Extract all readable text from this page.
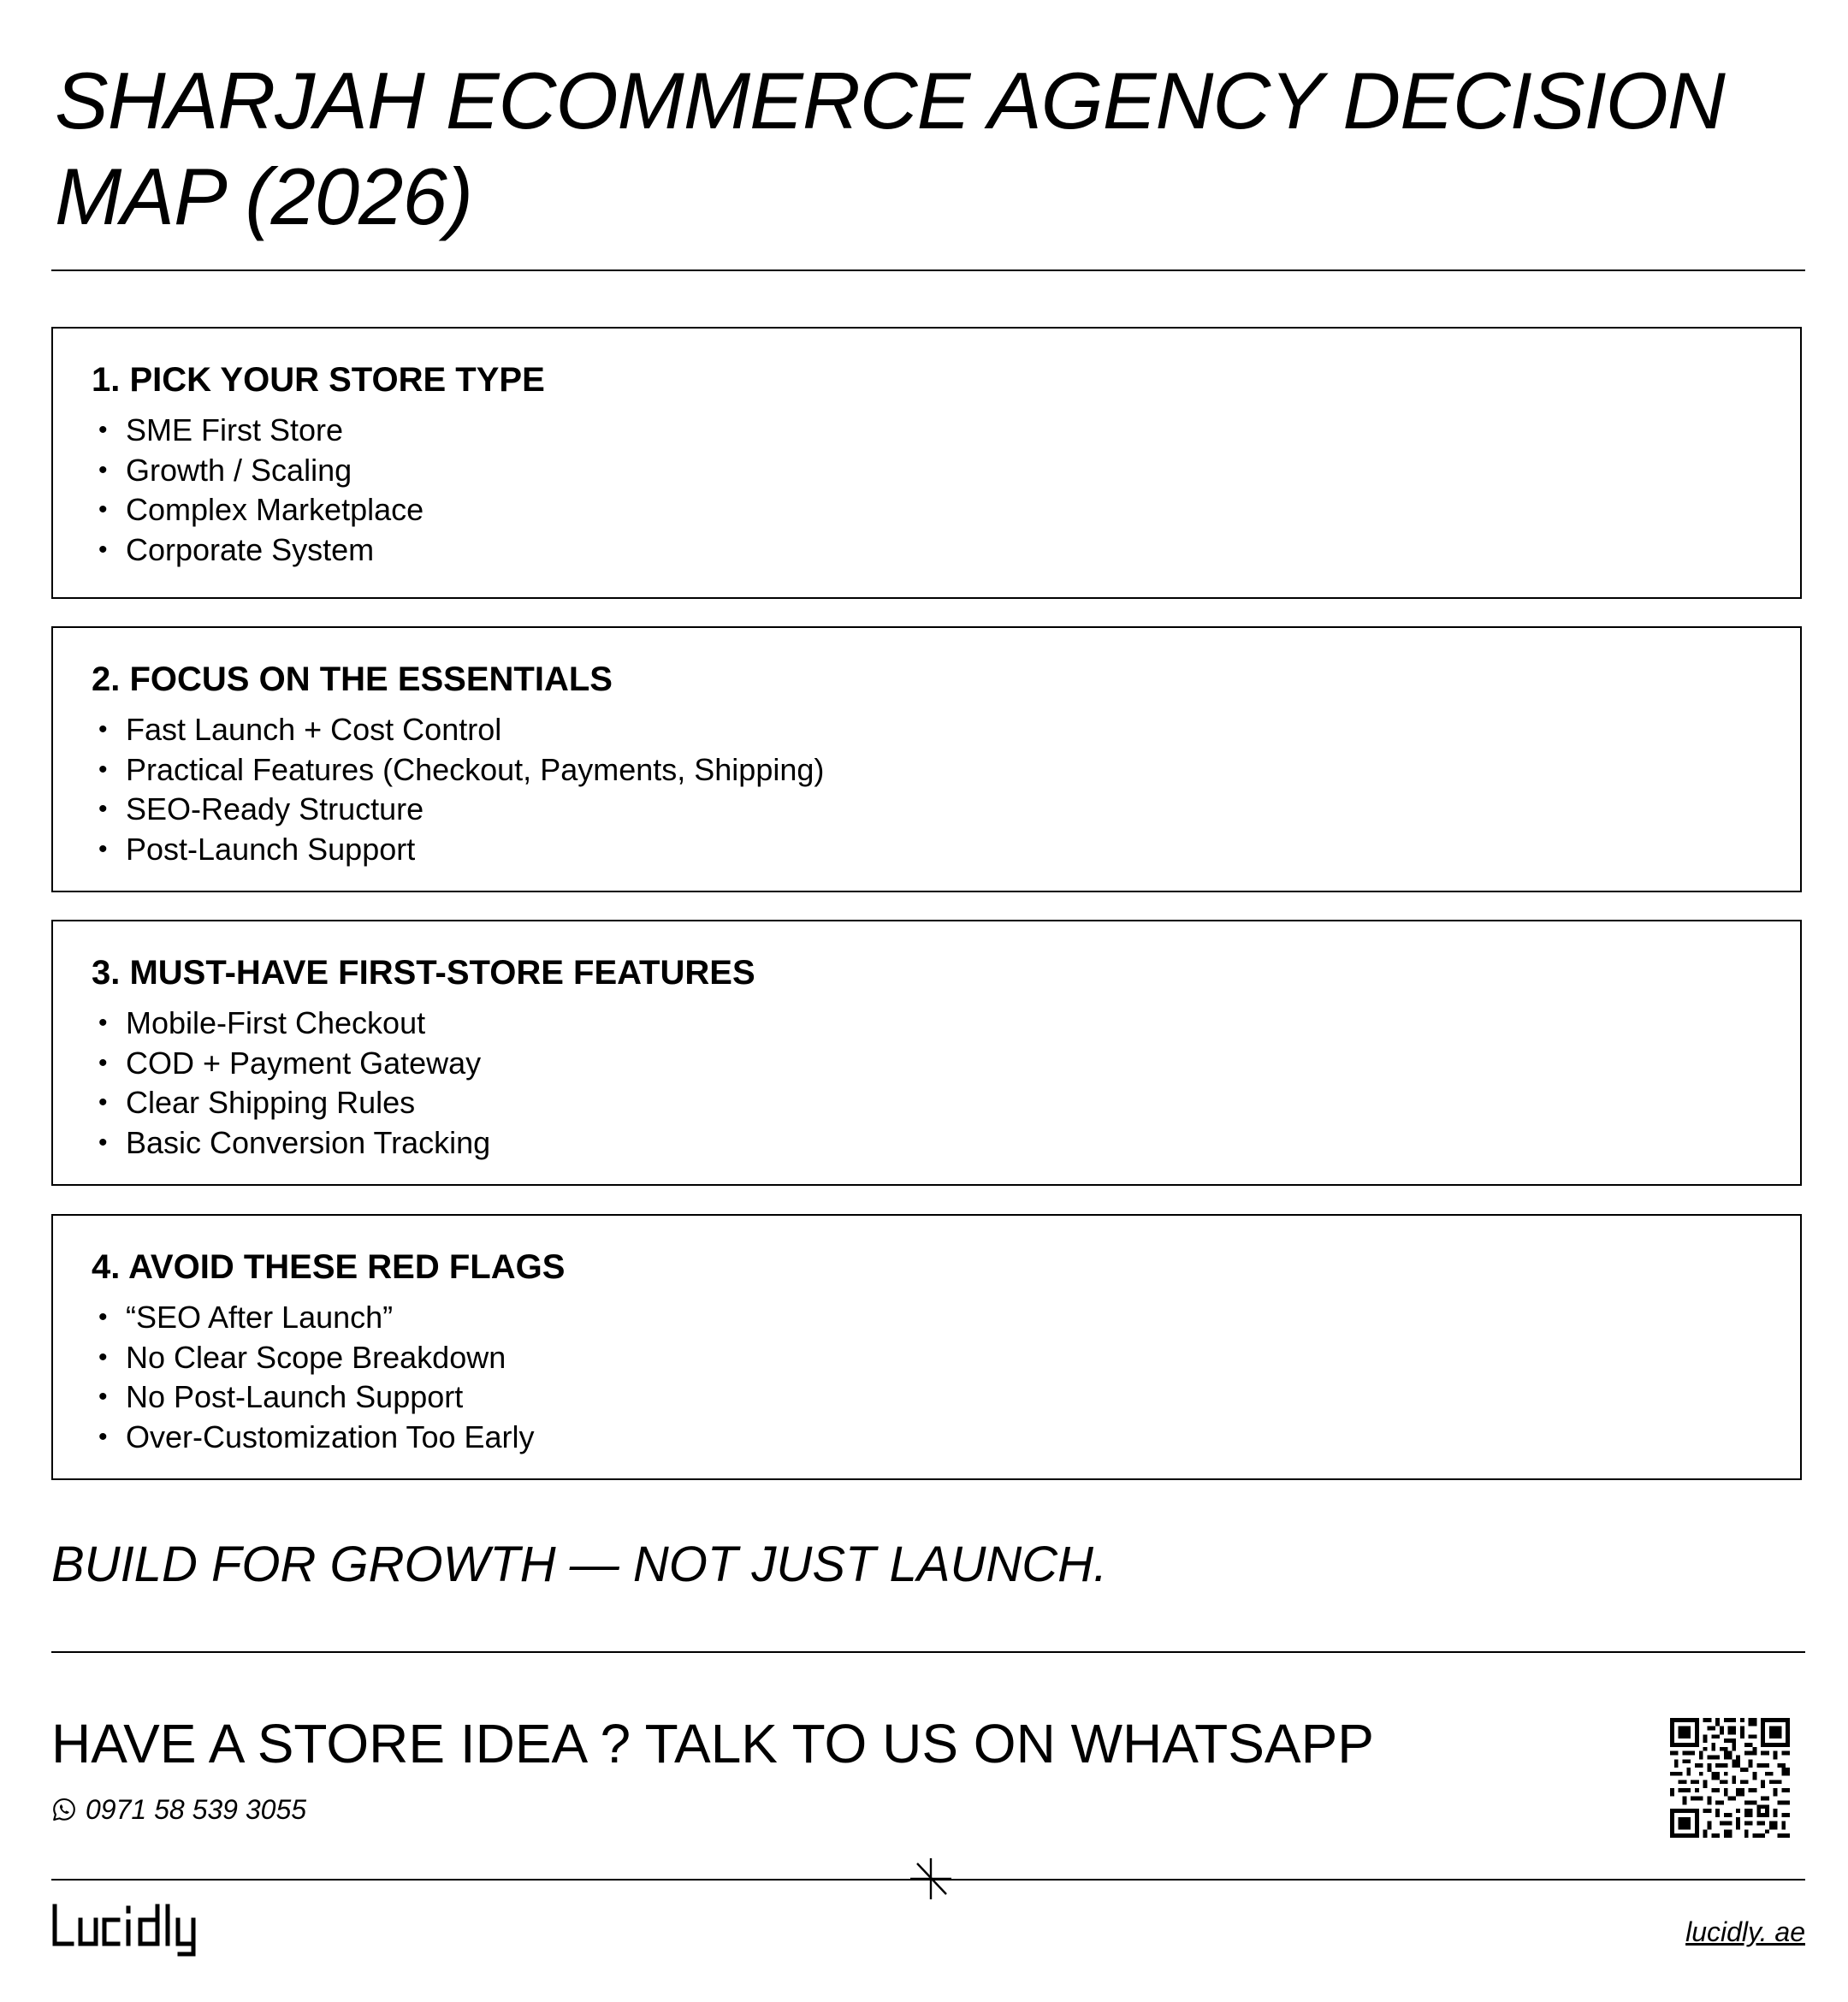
SHARJAH ECOMMERCE AGENCY DECISION MAP (2026)
1. PICK YOUR STORE TYPE
• SME First Store
• Growth / Scaling
• Complex Marketplace
• Corporate System
2. FOCUS ON THE ESSENTIALS
• Fast Launch + Cost Control
• Practical Features (Checkout, Payments, Shipping)
• SEO-Ready Structure
• Post-Launch Support
3. MUST-HAVE FIRST-STORE FEATURES
• Mobile-First Checkout
• COD + Payment Gateway
• Clear Shipping Rules
• Basic Conversion Tracking
4. AVOID THESE RED FLAGS
• “SEO After Launch”
• No Clear Scope Breakdown
• No Post-Launch Support
• Over-Customization Too Early

BUILD FOR GROWTH — NOT JUST LAUNCH.

HAVE A STORE IDEA ? TALK TO US ON WHATSAPP

0971 58 539 3055
lucidly. ae
